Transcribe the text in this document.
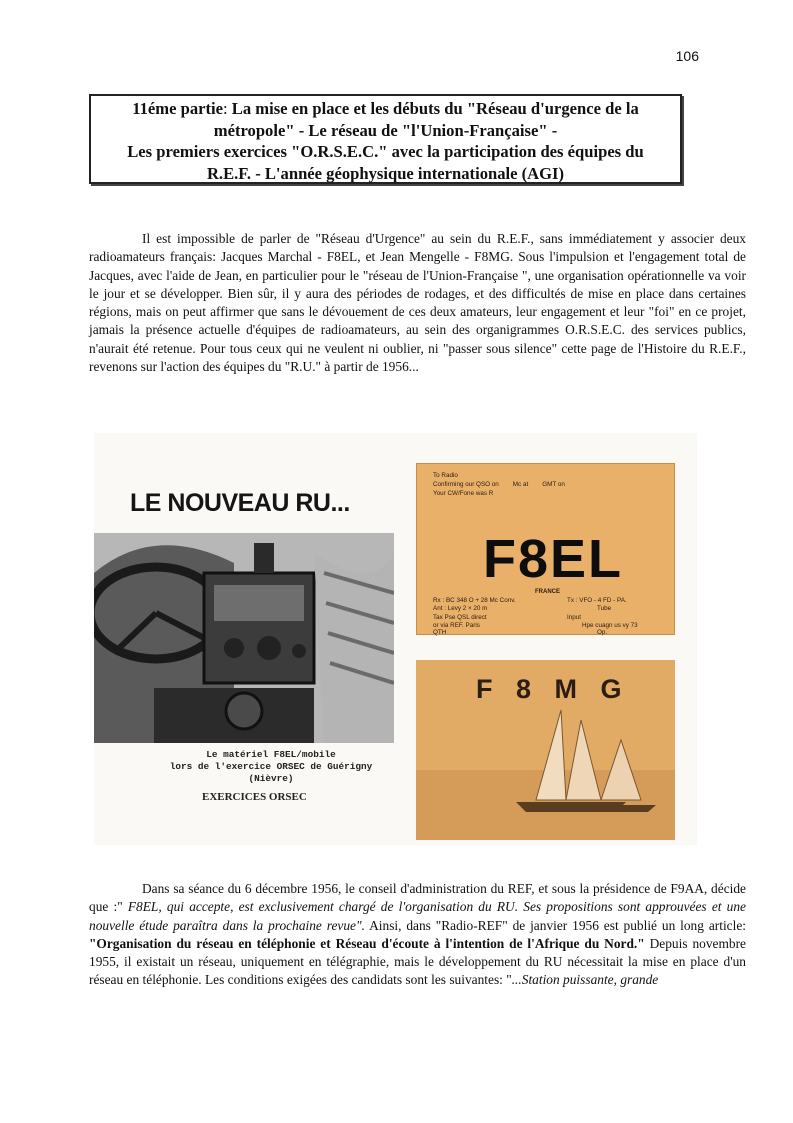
106
11éme partie: La mise en place et les débuts du "Réseau d'urgence de la
métropole" - Le réseau de "l'Union-Française" -
Les premiers exercices "O.R.S.E.C." avec la participation des équipes du
R.E.F. - L'année géophysique internationale (AGI)

Il est impossible de parler de "Réseau d'Urgence" au sein du R.E.F., sans immédiatement y associer deux radioamateurs français: Jacques Marchal - F8EL, et Jean Mengelle - F8MG. Sous l'impulsion et l'engagement total de Jacques, avec l'aide de Jean, en particulier pour le "réseau de l'Union-Française ", une organisation opérationnelle va voir le jour et se développer. Bien sûr, il y aura des périodes de rodages, et des difficultés de mise en place dans certaines régions, mais on peut affirmer que sans le dévouement de ces deux amateurs, leur engagement et leur "foi" en ce projet, jamais la présence actuelle d'équipes de radioamateurs, au sein des organigrammes O.R.S.E.C. des services publics, n'aurait été retenue. Pour tous ceux qui ne veulent ni oublier, ni "passer sous silence" cette page de l'Histoire du R.E.F., revenons sur l'action des équipes du "R.U." à partir de 1956...

LE NOUVEAU RU...
Le matériel F8EL/mobile
lors de l'exercice ORSEC de Guérigny (Nièvre)
EXERCICES ORSEC
To Radio
Confirming our QSO on Mc at GMT on
Your CW/Fone was R
F8EL
FRANCE
Rx : BC 348 O + 28 Mc Conv.
Ant : Levy 2 × 20 m
Tx : VFO - 4 FD - PA.
Tube
Tax Pse QSL direct
or via REF. Paris
Input
Hpe cuagn us vy 73
Op.
QTH
F 8 M G

Dans sa séance du 6 décembre 1956, le conseil d'administration du REF, et sous la présidence de F9AA, décide que :" F8EL, qui accepte, est exclusivement chargé de l'organisation du RU. Ses propositions sont approuvées et une nouvelle étude paraîtra dans la prochaine revue". Ainsi, dans "Radio-REF" de janvier 1956 est publié un long article: "Organisation du réseau en téléphonie et Réseau d'écoute à l'intention de l'Afrique du Nord." Depuis novembre 1955, il existait un réseau, uniquement en télégraphie, mais le développement du RU nécessitait la mise en place d'un réseau en téléphonie. Les conditions exigées des candidats sont les suivantes: "...Station puissante, grande
